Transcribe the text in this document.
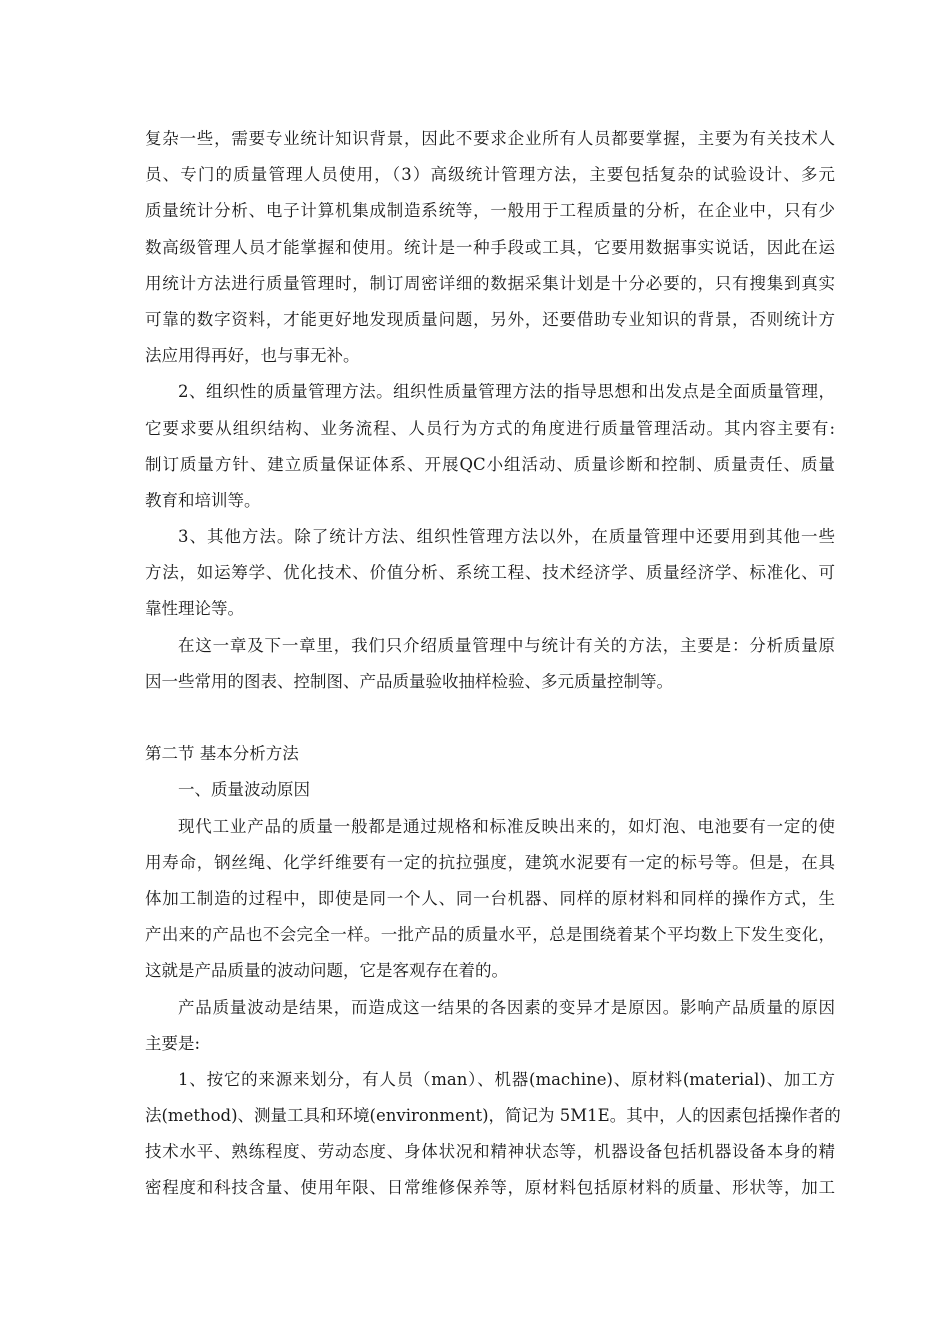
复杂一些，需要专业统计知识背景，因此不要求企业所有人员都要掌握，主要为有关技术人
员、专门的质量管理人员使用，（3）高级统计管理方法，主要包括复杂的试验设计、多元
质量统计分析、电子计算机集成制造系统等，一般用于工程质量的分析，在企业中，只有少
数高级管理人员才能掌握和使用。统计是一种手段或工具，它要用数据事实说话，因此在运
用统计方法进行质量管理时，制订周密详细的数据采集计划是十分必要的，只有搜集到真实
可靠的数字资料，才能更好地发现质量问题，另外，还要借助专业知识的背景，否则统计方
法应用得再好，也与事无补。
2、组织性的质量管理方法。组织性质量管理方法的指导思想和出发点是全面质量管理，
它要求要从组织结构、业务流程、人员行为方式的角度进行质量管理活动。其内容主要有:
制订质量方针、建立质量保证体系、开展QC小组活动、质量诊断和控制、质量责任、质量
教育和培训等。
3、其他方法。除了统计方法、组织性管理方法以外，在质量管理中还要用到其他一些
方法，如运筹学、优化技术、价值分析、系统工程、技术经济学、质量经济学、标准化、可
靠性理论等。
在这一章及下一章里，我们只介绍质量管理中与统计有关的方法，主要是：分析质量原
因一些常用的图表、控制图、产品质量验收抽样检验、多元质量控制等。
第二节 基本分析方法
一、质量波动原因
现代工业产品的质量一般都是通过规格和标准反映出来的，如灯泡、电池要有一定的使
用寿命，钢丝绳、化学纤维要有一定的抗拉强度，建筑水泥要有一定的标号等。但是，在具
体加工制造的过程中，即使是同一个人、同一台机器、同样的原材料和同样的操作方式，生
产出来的产品也不会完全一样。一批产品的质量水平，总是围绕着某个平均数上下发生变化，
这就是产品质量的波动问题，它是客观存在着的。
产品质量波动是结果，而造成这一结果的各因素的变异才是原因。影响产品质量的原因
主要是:
1、按它的来源来划分，有人员（man）、机器(machine)、原材料(material)、加工方
法(method)、测量工具和环境(environment)，简记为 5M1E。其中，人的因素包括操作者的
技术水平、熟练程度、劳动态度、身体状况和精神状态等，机器设备包括机器设备本身的精
密程度和科技含量、使用年限、日常维修保养等，原材料包括原材料的质量、形状等，加工
